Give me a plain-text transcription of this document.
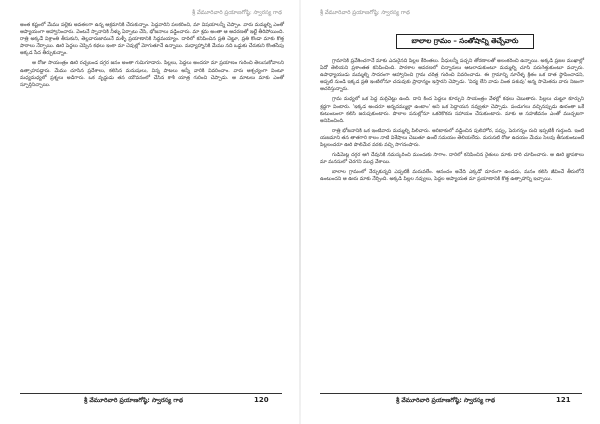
శ్రీ వేమూరివారి ప్రయాణగోష్ఠి: స్వారస్య గాథ

అంత కష్టంలో మేము పల్లెకు అవతలగా ఉన్న ఆశ్రమానికి చేరుకున్నాం. పెద్దవారిని పలకరించి, మా విషయాలన్నీ చెప్పాం. వారు మమ్మల్ని ఎంతో ఆప్యాయంగా ఆహ్వానించారు. వెంటనే స్నానానికి నీళ్ళు ఏర్పాటు చేసి, భోజనాలు వడ్డించారు. మా శ్రమ అంతా ఆ ఆదరణతో ఇట్టే తీరిపోయింది. రాత్రి అక్కడే విశ్రాంతి తీసుకుని, తెల్లవారుజామునే మళ్ళీ ప్రయాణానికి సిద్ధమయ్యాం. దారిలో కనిపించిన ప్రతి చెట్టూ, ప్రతి కొండా మాకు కొత్త పాఠాలు నేర్పాయి. ఊరి పెద్దలు చెప్పిన కథలు ఇంకా మా చెవుల్లో మోగుతూనే ఉన్నాయి. మధ్యాహ్నానికి మేము నది ఒడ్డుకు చేరుకుని కొంతసేపు అక్కడ సేద తీర్చుకున్నాం.

ఆ రోజు సాయంత్రం ఊరి రచ్చబండ దగ్గర జనం అంతా గుమిగూడారు. పిల్లలు, పెద్దలు అందరూ మా ప్రయాణం గురించి తెలుసుకోవాలని ఉత్సాహపడ్డారు. మేము చూసిన ప్రదేశాలు, కలిసిన మనుషులు, విన్న పాటలు అన్నీ వారికి వివరించాం. వారు ఆశ్చర్యంగా వింటూ మధ్యమధ్యలో ప్రశ్నలు అడిగారు. ఒక వృద్ధుడు తన యౌవనంలో చేసిన కాశీ యాత్ర గురించి చెప్పాడు. ఆ మాటలు మాకు ఎంతో స్ఫూర్తినిచ్చాయి.

శ్రీ వేమూరివారి ప్రయాణగోష్ఠి: స్వారస్య గాథ	120
శ్రీ వేమూరివారి ప్రయాణగోష్ఠి: స్వారస్య గాథ
బాలాల గ్రామం – సంతోషాన్ని తెచ్చేవారు

గ్రామానికి ప్రవేశించగానే మాకు ఎదురైనది పిల్లల కేరింతలు. వీధులన్నీ పచ్చని తోరణాలతో అలంకరించి ఉన్నాయి. అక్కడి ప్రజల ముఖాల్లో ఏదో తెలియని ప్రశాంతత కనిపించింది. పాఠశాల ఆవరణలో చిన్నారులు ఆటలాడుకుంటూ మమ్మల్ని చూసి పరుగెత్తుకుంటూ వచ్చారు. ఉపాధ్యాయుడు మమ్మల్ని సాదరంగా ఆహ్వానించి గ్రామ చరిత్ర గురించి వివరించాడు. ఈ గ్రామాన్ని నూరేళ్ళ క్రితం ఒక దాత స్థాపించాడని, అప్పటి నుండి ఇక్కడ ప్రతి ఇంటిలోనూ చదువుకు ప్రాధాన్యం ఇస్తారని చెప్పాడు. 'విద్య లేని వాడు వింత పశువు' అన్న సామెతను వారు నిజంగా ఆచరిస్తున్నారు.

గ్రామ మధ్యలో ఒక పెద్ద మర్రిచెట్టు ఉంది. దాని కింద పెద్దలు కూర్చుని సాయంత్రం వేళల్లో కథలు చెబుతారు. పిల్లలు చుట్టూ కూర్చుని శ్రద్ధగా వింటారు. 'ఇక్కడ అందరూ అన్నదమ్ముల్లా ఉంటాం' అని ఒక పెద్దాయన నవ్వుతూ చెప్పాడు. పండుగలు వచ్చినప్పుడు ఊరంతా ఒకే కుటుంబంలా కలిసి జరుపుకుంటారు. పొలాల పనుల్లోనూ ఒకరికొకరు సహాయం చేసుకుంటారు. మాకు ఆ సహజీవనం ఎంతో ముచ్చటగా అనిపించింది.

రాత్రి భోజనానికి ఒక ఇంటివారు మమ్మల్ని పిలిచారు. అరిటాకులో వడ్డించిన పులిహోర, పప్పు, పెరుగన్నం రుచి ఇప్పటికీ గుర్తుంది. ఇంటి యజమాని తన తాతగారి కాలం నాటి విశేషాలు చెబుతూ ఉంటే సమయం తెలియలేదు. మరుసటి రోజు ఉదయం మేము సెలవు తీసుకుంటుంటే పిల్లలందరూ ఊరి పొలిమేర వరకు వచ్చి సాగనంపారు.

గుడిమెట్ల దగ్గర ఆగి దేవునికి నమస్కరించి ముందుకు సాగాం. దారిలో కనిపించిన రైతులు మాకు దారి చూపించారు. ఆ ఊరి జ్ఞాపకాలు మా మనసులో చెరగని ముద్ర వేశాయి.

బాలాల గ్రామంలో నేర్చుకున్నది ఎప్పటికీ మరువలేం. ఆనందం అనేది ఎక్కడో దూరంగా ఉండదు, మనం కలిసి జీవించే తీరులోనే ఉంటుందని ఆ ఊరు మాకు నేర్పింది. అక్కడి పిల్లల నవ్వులు, పెద్దల ఆప్యాయత మా ప్రయాణానికి కొత్త ఉత్సాహాన్ని ఇచ్చాయి.

శ్రీ వేమూరివారి ప్రయాణగోష్ఠి: స్వారస్య గాథ	121
